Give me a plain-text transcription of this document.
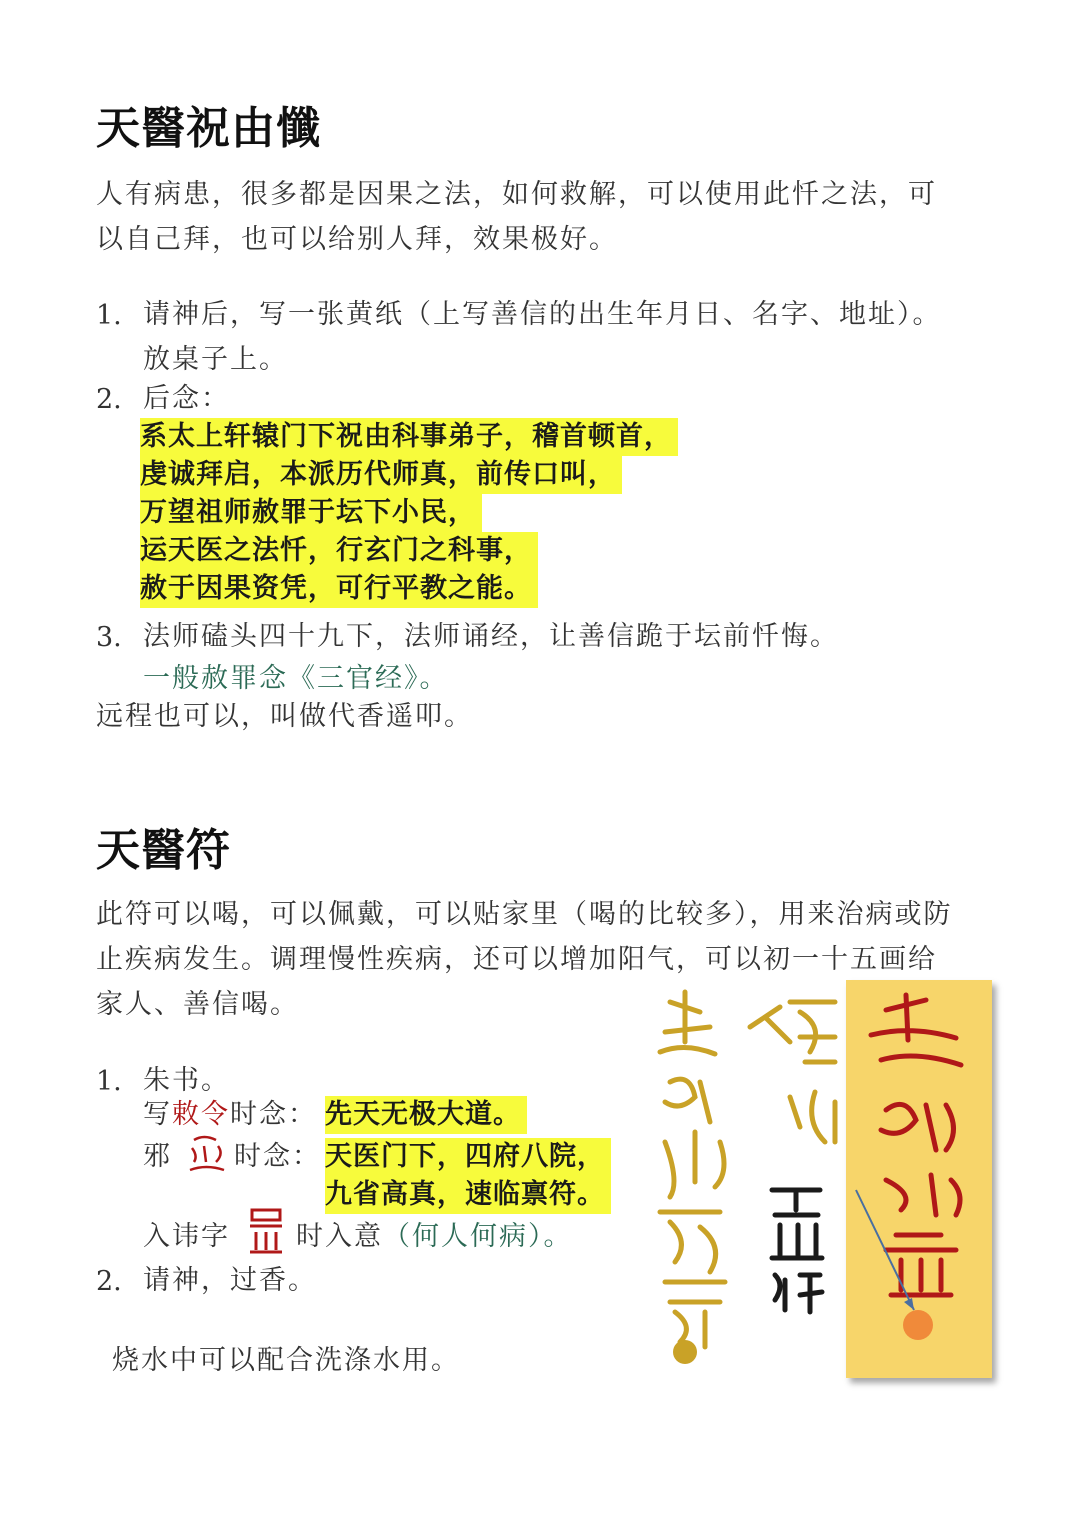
天醫祝由懺
人有病患，很多都是因果之法，如何救解，可以使用此忏之法，可
以自己拜，也可以给别人拜，效果极好。
1. 请神后，写一张黄纸（上写善信的出生年月日、名字、地址）。
放桌子上。
2. 后念：
系太上轩辕门下祝由科事弟子，稽首顿首，
虔诚拜启，本派历代师真，前传口叫，
万望祖师赦罪于坛下小民，
运天医之法忏，行玄门之科事，
赦于因果资凭，可行平教之能。
3. 法师磕头四十九下，法师诵经，让善信跪于坛前忏悔。
一般赦罪念《三官经》。
远程也可以，叫做代香遥叩。
天醫符
此符可以喝，可以佩戴，可以贴家里（喝的比较多），用来治病或防
止疾病发生。调理慢性疾病，还可以增加阳气，可以初一十五画给
家人、善信喝。
1. 朱书。
写敕令时念： 先天无极大道。
邪 时念： 天医门下，四府八院，
九省高真，速临禀符。
入讳字 时入意（何人何病）。
2. 请神，过香。
烧水中可以配合洗涤水用。
